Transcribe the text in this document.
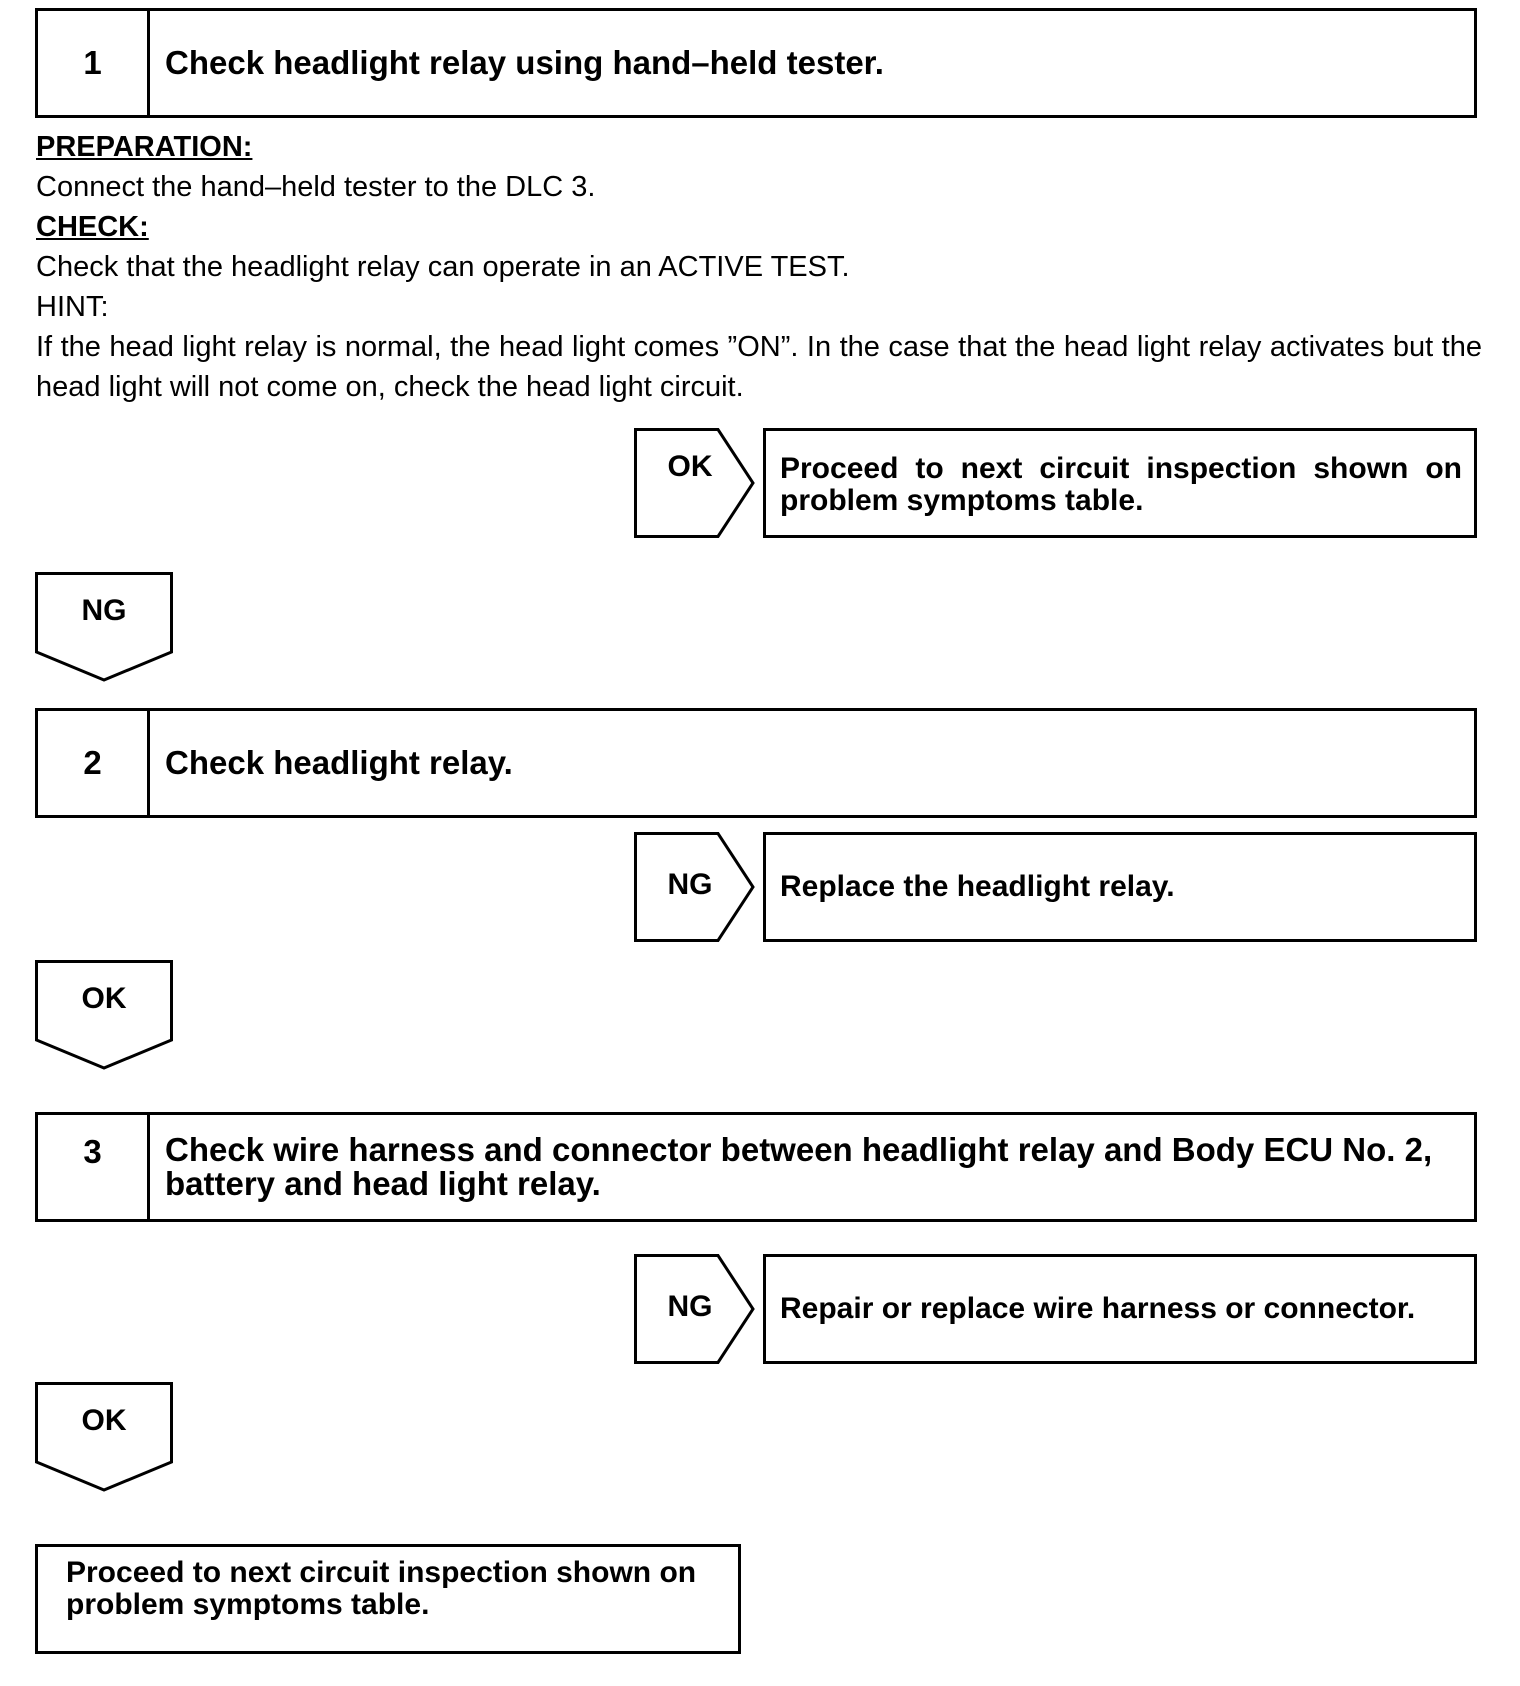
1	Check headlight relay using hand–held tester.
PREPARATION:
Connect the hand–held tester to the DLC 3.
CHECK:
Check that the headlight relay can operate in an ACTIVE TEST.
HINT:
If the head light relay is normal, the head light comes ”ON”. In the case that the head light relay activates but the head light will not come on, check the head light circuit.
OK	Proceed to next circuit inspection shown on problem symptoms table.
NG
2	Check headlight relay.
NG	Replace the headlight relay.
OK
3	Check wire harness and connector between headlight relay and Body ECU No. 2, battery and head light relay.
NG	Repair or replace wire harness or connector.
OK
Proceed to next circuit inspection shown on problem symptoms table.
